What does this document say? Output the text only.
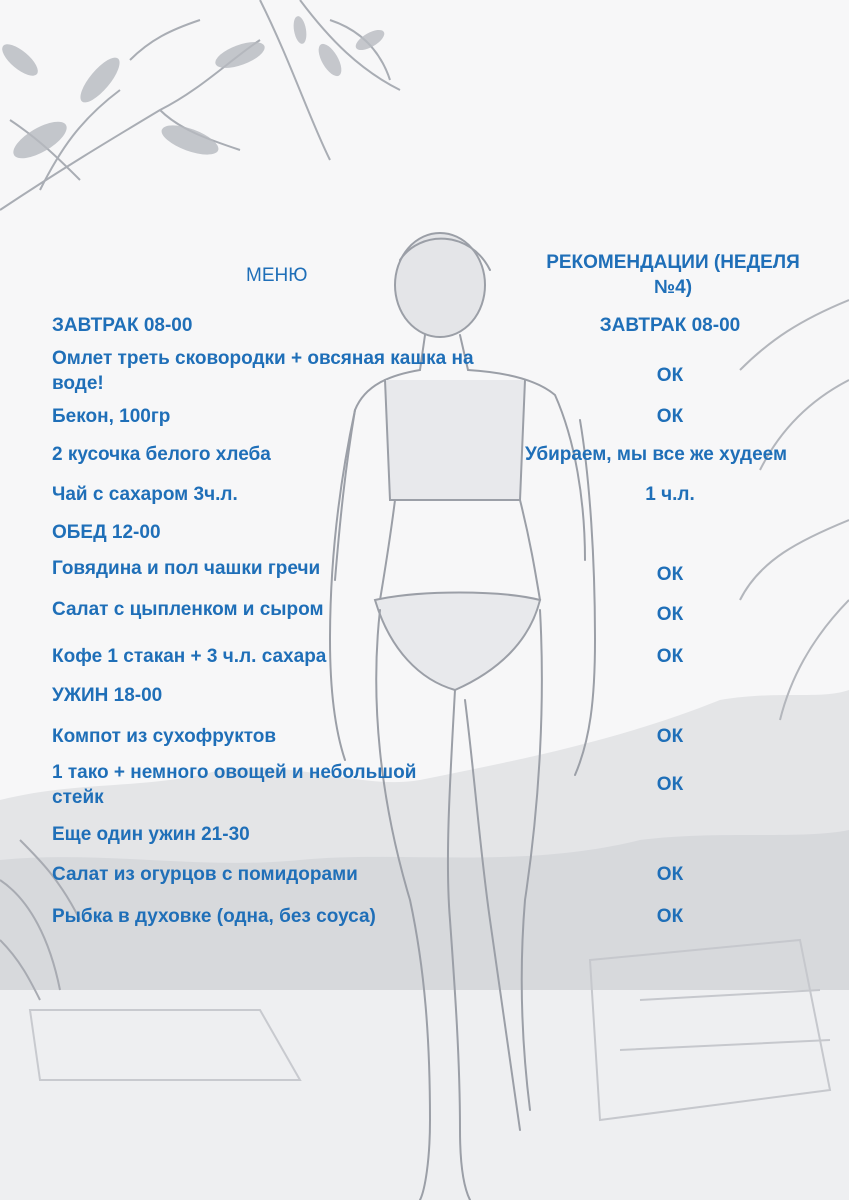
МЕНЮ
РЕКОМЕНДАЦИИ (НЕДЕЛЯ №4)
ЗАВТРАК 08-00
Омлет треть сковородки + овсяная кашка на воде!
Бекон, 100гр
2 кусочка белого хлеба
Чай с сахаром 3ч.л.
ОБЕД 12-00
Говядина и пол чашки гречи
Салат с цыпленком и сыром
Кофе 1 стакан + 3 ч.л. сахара
УЖИН 18-00
Компот из сухофруктов
1 тако + немного овощей и небольшой стейк
Еще один ужин 21-30
Салат из огурцов с помидорами
Рыбка в духовке (одна, без соуса)
ЗАВТРАК 08-00
ОК
ОК
Убираем, мы все же худеем
1 ч.л.
ОК
ОК
ОК
ОК
ОК
ОК
ОК
